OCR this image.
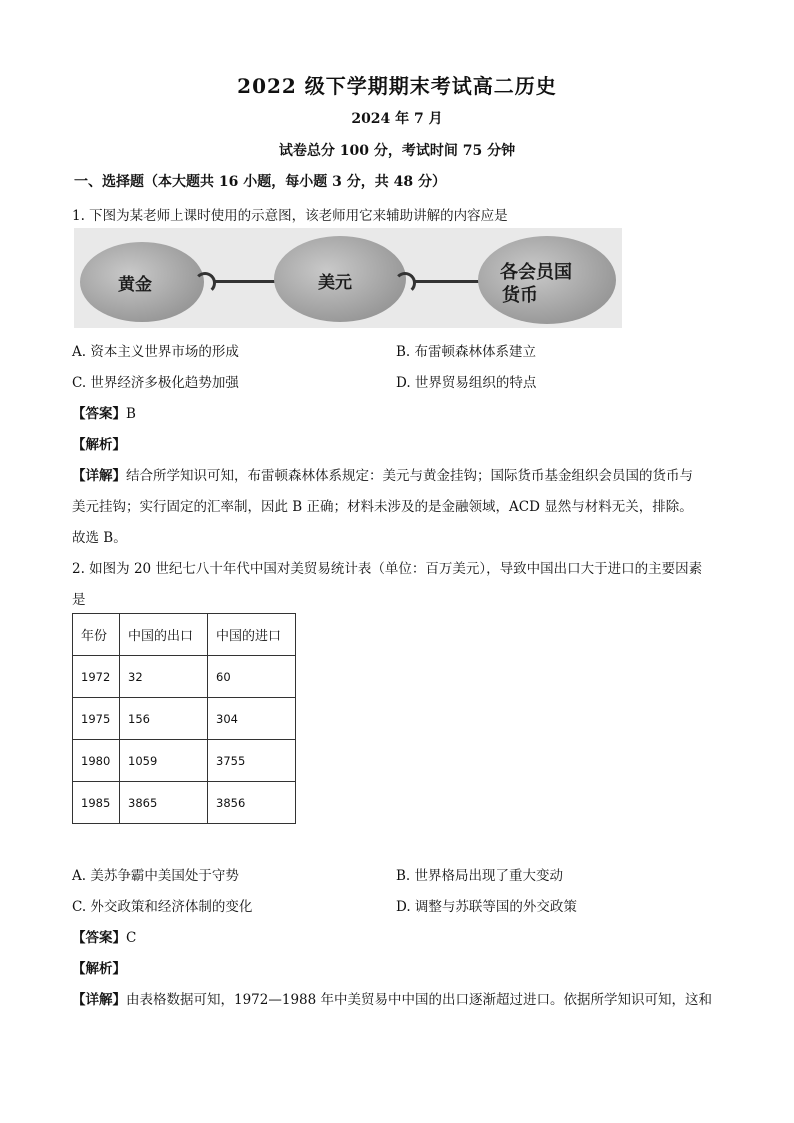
2022 级下学期期末考试高二历史
2024 年 7 月
试卷总分 100 分，考试时间 75 分钟
一、选择题（本大题共 16 小题，每小题 3 分，共 48 分）
1. 下图为某老师上课时使用的示意图，该老师用它来辅助讲解的内容应是
黄金	美元	各会员国
货币
A. 资本主义世界市场的形成	B. 布雷顿森林体系建立
C. 世界经济多极化趋势加强	D. 世界贸易组织的特点
【答案】B
【解析】
【详解】结合所学知识可知，布雷顿森林体系规定：美元与黄金挂钩；国际货币基金组织会员国的货币与
美元挂钩；实行固定的汇率制，因此 B 正确；材料未涉及的是金融领域，ACD 显然与材料无关，排除。
故选 B。
2. 如图为 20 世纪七八十年代中国对美贸易统计表（单位：百万美元），导致中国出口大于进口的主要因素
是
年份	中国的出口	中国的进口
1972	32	60
1975	156	304
1980	1059	3755
1985	3865	3856
A. 美苏争霸中美国处于守势	B. 世界格局出现了重大变动
C. 外交政策和经济体制的变化	D. 调整与苏联等国的外交政策
【答案】C
【解析】
【详解】由表格数据可知，1972—1988 年中美贸易中中国的出口逐渐超过进口。依据所学知识可知，这和
